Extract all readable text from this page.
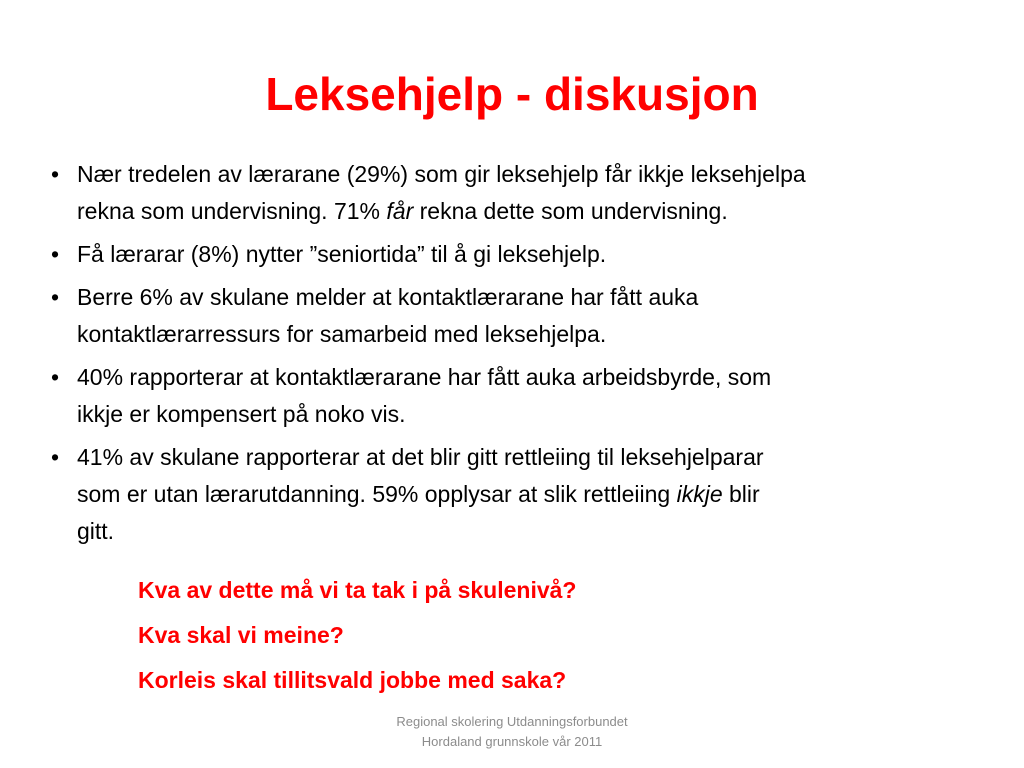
Leksehjelp - diskusjon
• Nær tredelen av lærarane (29%) som gir leksehjelp får ikkje leksehjelpa
rekna som undervisning. 71% får rekna dette som undervisning.
• Få lærarar (8%) nytter ”seniortida” til å gi leksehjelp.
• Berre 6% av skulane melder at kontaktlærarane har fått auka
kontaktlærarressurs for samarbeid med leksehjelpa.
• 40% rapporterar at kontaktlærarane har fått auka arbeidsbyrde, som
ikkje er kompensert på noko vis.
• 41% av skulane rapporterar at det blir gitt rettleiing til leksehjelparar
som er utan lærarutdanning. 59% opplysar at slik rettleiing ikkje blir
gitt.
Kva av dette må vi ta tak i på skulenivå?
Kva skal vi meine?
Korleis skal tillitsvald jobbe med saka?
Regional skolering Utdanningsforbundet
Hordaland grunnskole vår 2011
